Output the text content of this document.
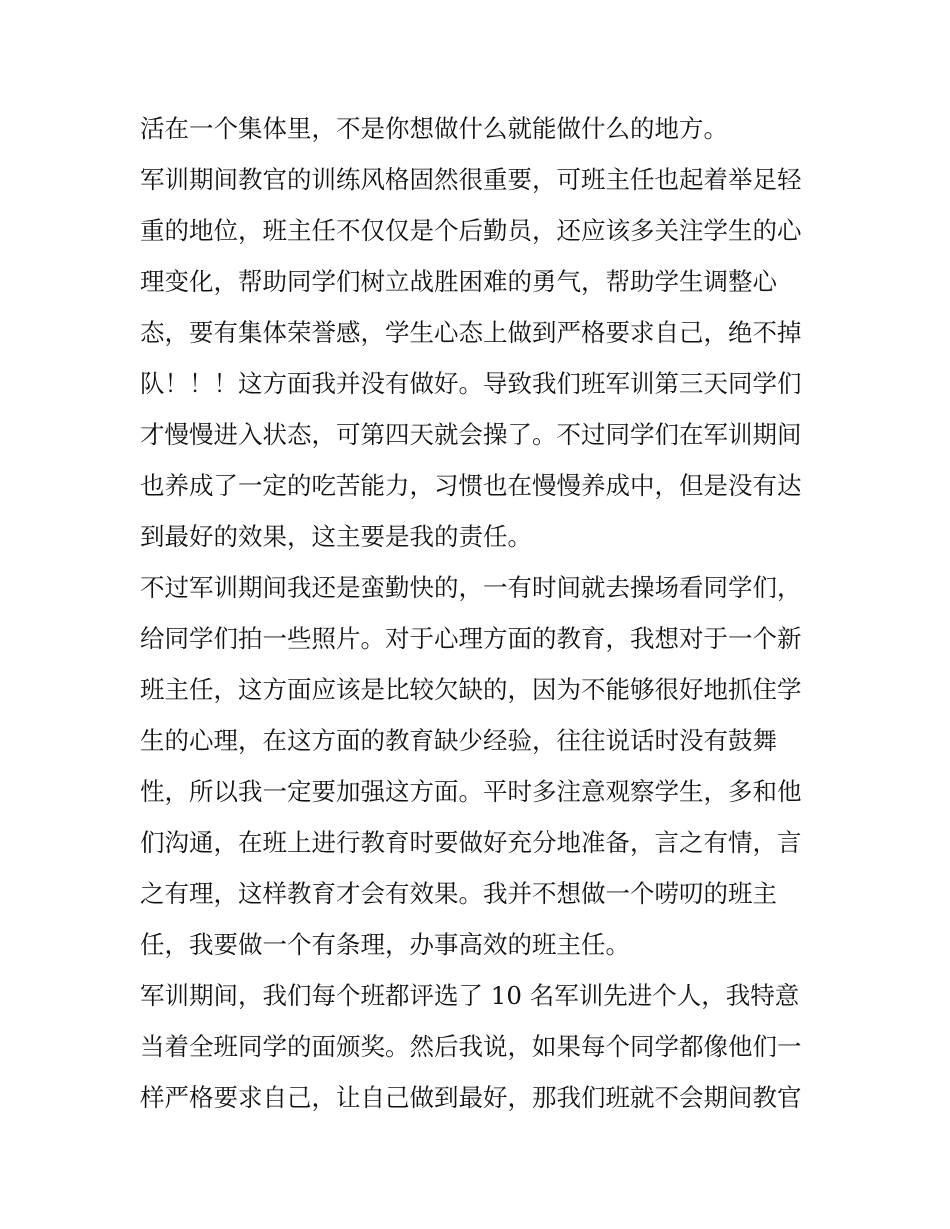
活在一个集体里，不是你想做什么就能做什么的地方。
军训期间教官的训练风格固然很重要，可班主任也起着举足轻
重的地位，班主任不仅仅是个后勤员，还应该多关注学生的心
理变化，帮助同学们树立战胜困难的勇气，帮助学生调整心
态，要有集体荣誉感，学生心态上做到严格要求自己，绝不掉
队！！！这方面我并没有做好。导致我们班军训第三天同学们
才慢慢进入状态，可第四天就会操了。不过同学们在军训期间
也养成了一定的吃苦能力，习惯也在慢慢养成中，但是没有达
到最好的效果，这主要是我的责任。
不过军训期间我还是蛮勤快的，一有时间就去操场看同学们，
给同学们拍一些照片。对于心理方面的教育，我想对于一个新
班主任，这方面应该是比较欠缺的，因为不能够很好地抓住学
生的心理，在这方面的教育缺少经验，往往说话时没有鼓舞
性，所以我一定要加强这方面。平时多注意观察学生，多和他
们沟通，在班上进行教育时要做好充分地准备，言之有情，言
之有理，这样教育才会有效果。我并不想做一个唠叨的班主
任，我要做一个有条理，办事高效的班主任。
军训期间，我们每个班都评选了 10 名军训先进个人，我特意
当着全班同学的面颁奖。然后我说，如果每个同学都像他们一
样严格要求自己，让自己做到最好，那我们班就不会期间教官
